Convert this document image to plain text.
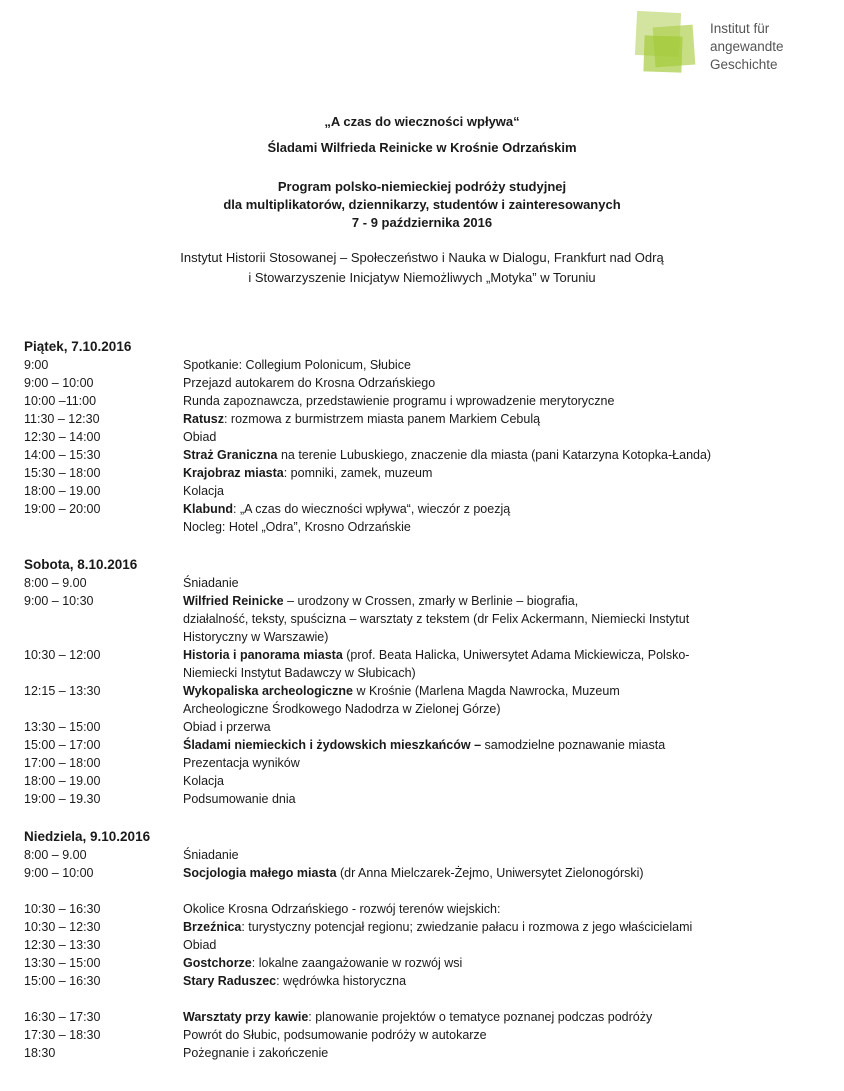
Institut für
angewandte
Geschichte
„A czas do wieczności wpływa“
Śladami Wilfrieda Reinicke w Krośnie Odrzańskim
Program polsko-niemieckiej podróży studyjnej
dla multiplikatorów, dziennikarzy, studentów i zainteresowanych
7 - 9 października 2016
Instytut Historii Stosowanej – Społeczeństwo i Nauka w Dialogu, Frankfurt nad Odrą
i Stowarzyszenie Inicjatyw Niemożliwych „Motyka” w Toruniu
Piątek, 7.10.2016
9:00	Spotkanie: Collegium Polonicum, Słubice
9:00 – 10:00	Przejazd autokarem do Krosna Odrzańskiego
10:00 –11:00	Runda zapoznawcza, przedstawienie programu i wprowadzenie merytoryczne
11:30 – 12:30	Ratusz: rozmowa z burmistrzem miasta panem Markiem Cebulą
12:30 – 14:00	Obiad
14:00 – 15:30	Straż Graniczna na terenie Lubuskiego, znaczenie dla miasta (pani Katarzyna Kotopka-Łanda)
15:30 – 18:00	Krajobraz miasta: pomniki, zamek, muzeum
18:00 – 19.00	Kolacja
19:00 – 20:00	Klabund: „A czas do wieczności wpływa“, wieczór z poezją
Nocleg: Hotel „Odra”, Krosno Odrzańskie
Sobota, 8.10.2016
8:00 – 9.00	Śniadanie
9:00 – 10:30	Wilfried Reinicke – urodzony w Crossen, zmarły w Berlinie – biografia,
działalność, teksty, spuścizna – warsztaty z tekstem (dr Felix Ackermann, Niemiecki Instytut
Historyczny w Warszawie)
10:30 – 12:00	Historia i panorama miasta (prof. Beata Halicka, Uniwersytet Adama Mickiewicza, Polsko-
Niemiecki Instytut Badawczy w Słubicach)
12:15 – 13:30	Wykopaliska archeologiczne w Krośnie (Marlena Magda Nawrocka, Muzeum
Archeologiczne Środkowego Nadodrza w Zielonej Górze)
13:30 – 15:00	Obiad i przerwa
15:00 – 17:00	Śladami niemieckich i żydowskich mieszkańców – samodzielne poznawanie miasta
17:00 – 18:00	Prezentacja wyników
18:00 – 19.00	Kolacja
19:00 – 19.30	Podsumowanie dnia
Niedziela, 9.10.2016
8:00 – 9.00	Śniadanie
9:00 – 10:00	Socjologia małego miasta (dr Anna Mielczarek-Żejmo, Uniwersytet Zielonogórski)
10:30 – 16:30	Okolice Krosna Odrzańskiego - rozwój terenów wiejskich:
10:30 – 12:30	Brzeźnica: turystyczny potencjał regionu; zwiedzanie pałacu i rozmowa z jego właścicielami
12:30 – 13:30	Obiad
13:30 – 15:00	Gostchorze: lokalne zaangażowanie w rozwój wsi
15:00 – 16:30	Stary Raduszec: wędrówka historyczna
16:30 – 17:30	Warsztaty przy kawie: planowanie projektów o tematyce poznanej podczas podróży
17:30 – 18:30	Powrót do Słubic, podsumowanie podróży w autokarze
18:30	Pożegnanie i zakończenie
